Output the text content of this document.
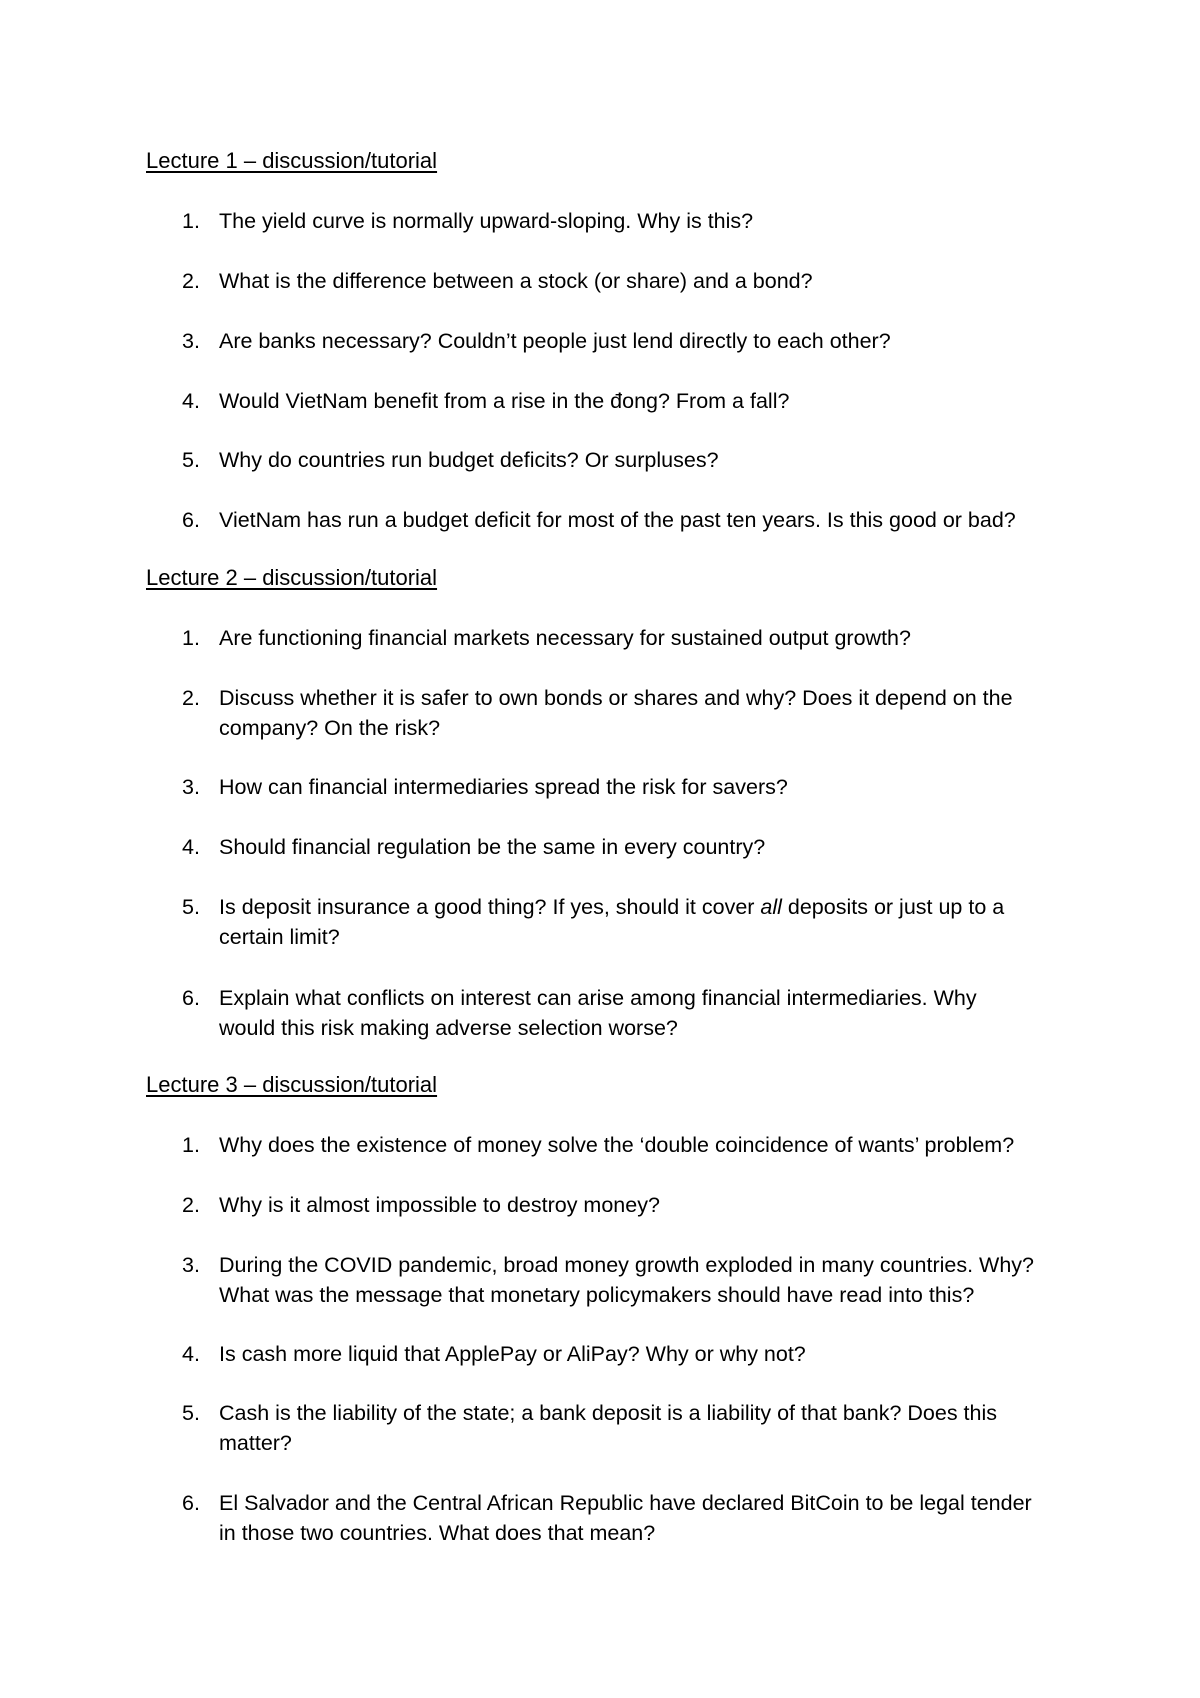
Lecture 1 – discussion/tutorial
1. The yield curve is normally upward-sloping. Why is this?
2. What is the difference between a stock (or share) and a bond?
3. Are banks necessary? Couldn’t people just lend directly to each other?
4. Would VietNam benefit from a rise in the đong? From a fall?
5. Why do countries run budget deficits? Or surpluses?
6. VietNam has run a budget deficit for most of the past ten years. Is this good or bad?
Lecture 2 – discussion/tutorial
1. Are functioning financial markets necessary for sustained output growth?
2. Discuss whether it is safer to own bonds or shares and why? Does it depend on the
company? On the risk?
3. How can financial intermediaries spread the risk for savers?
4. Should financial regulation be the same in every country?
5. Is deposit insurance a good thing? If yes, should it cover all deposits or just up to a
certain limit?
6. Explain what conflicts on interest can arise among financial intermediaries. Why
would this risk making adverse selection worse?
Lecture 3 – discussion/tutorial
1. Why does the existence of money solve the ‘double coincidence of wants’ problem?
2. Why is it almost impossible to destroy money?
3. During the COVID pandemic, broad money growth exploded in many countries. Why?
What was the message that monetary policymakers should have read into this?
4. Is cash more liquid that ApplePay or AliPay? Why or why not?
5. Cash is the liability of the state; a bank deposit is a liability of that bank? Does this
matter?
6. El Salvador and the Central African Republic have declared BitCoin to be legal tender
in those two countries. What does that mean?
